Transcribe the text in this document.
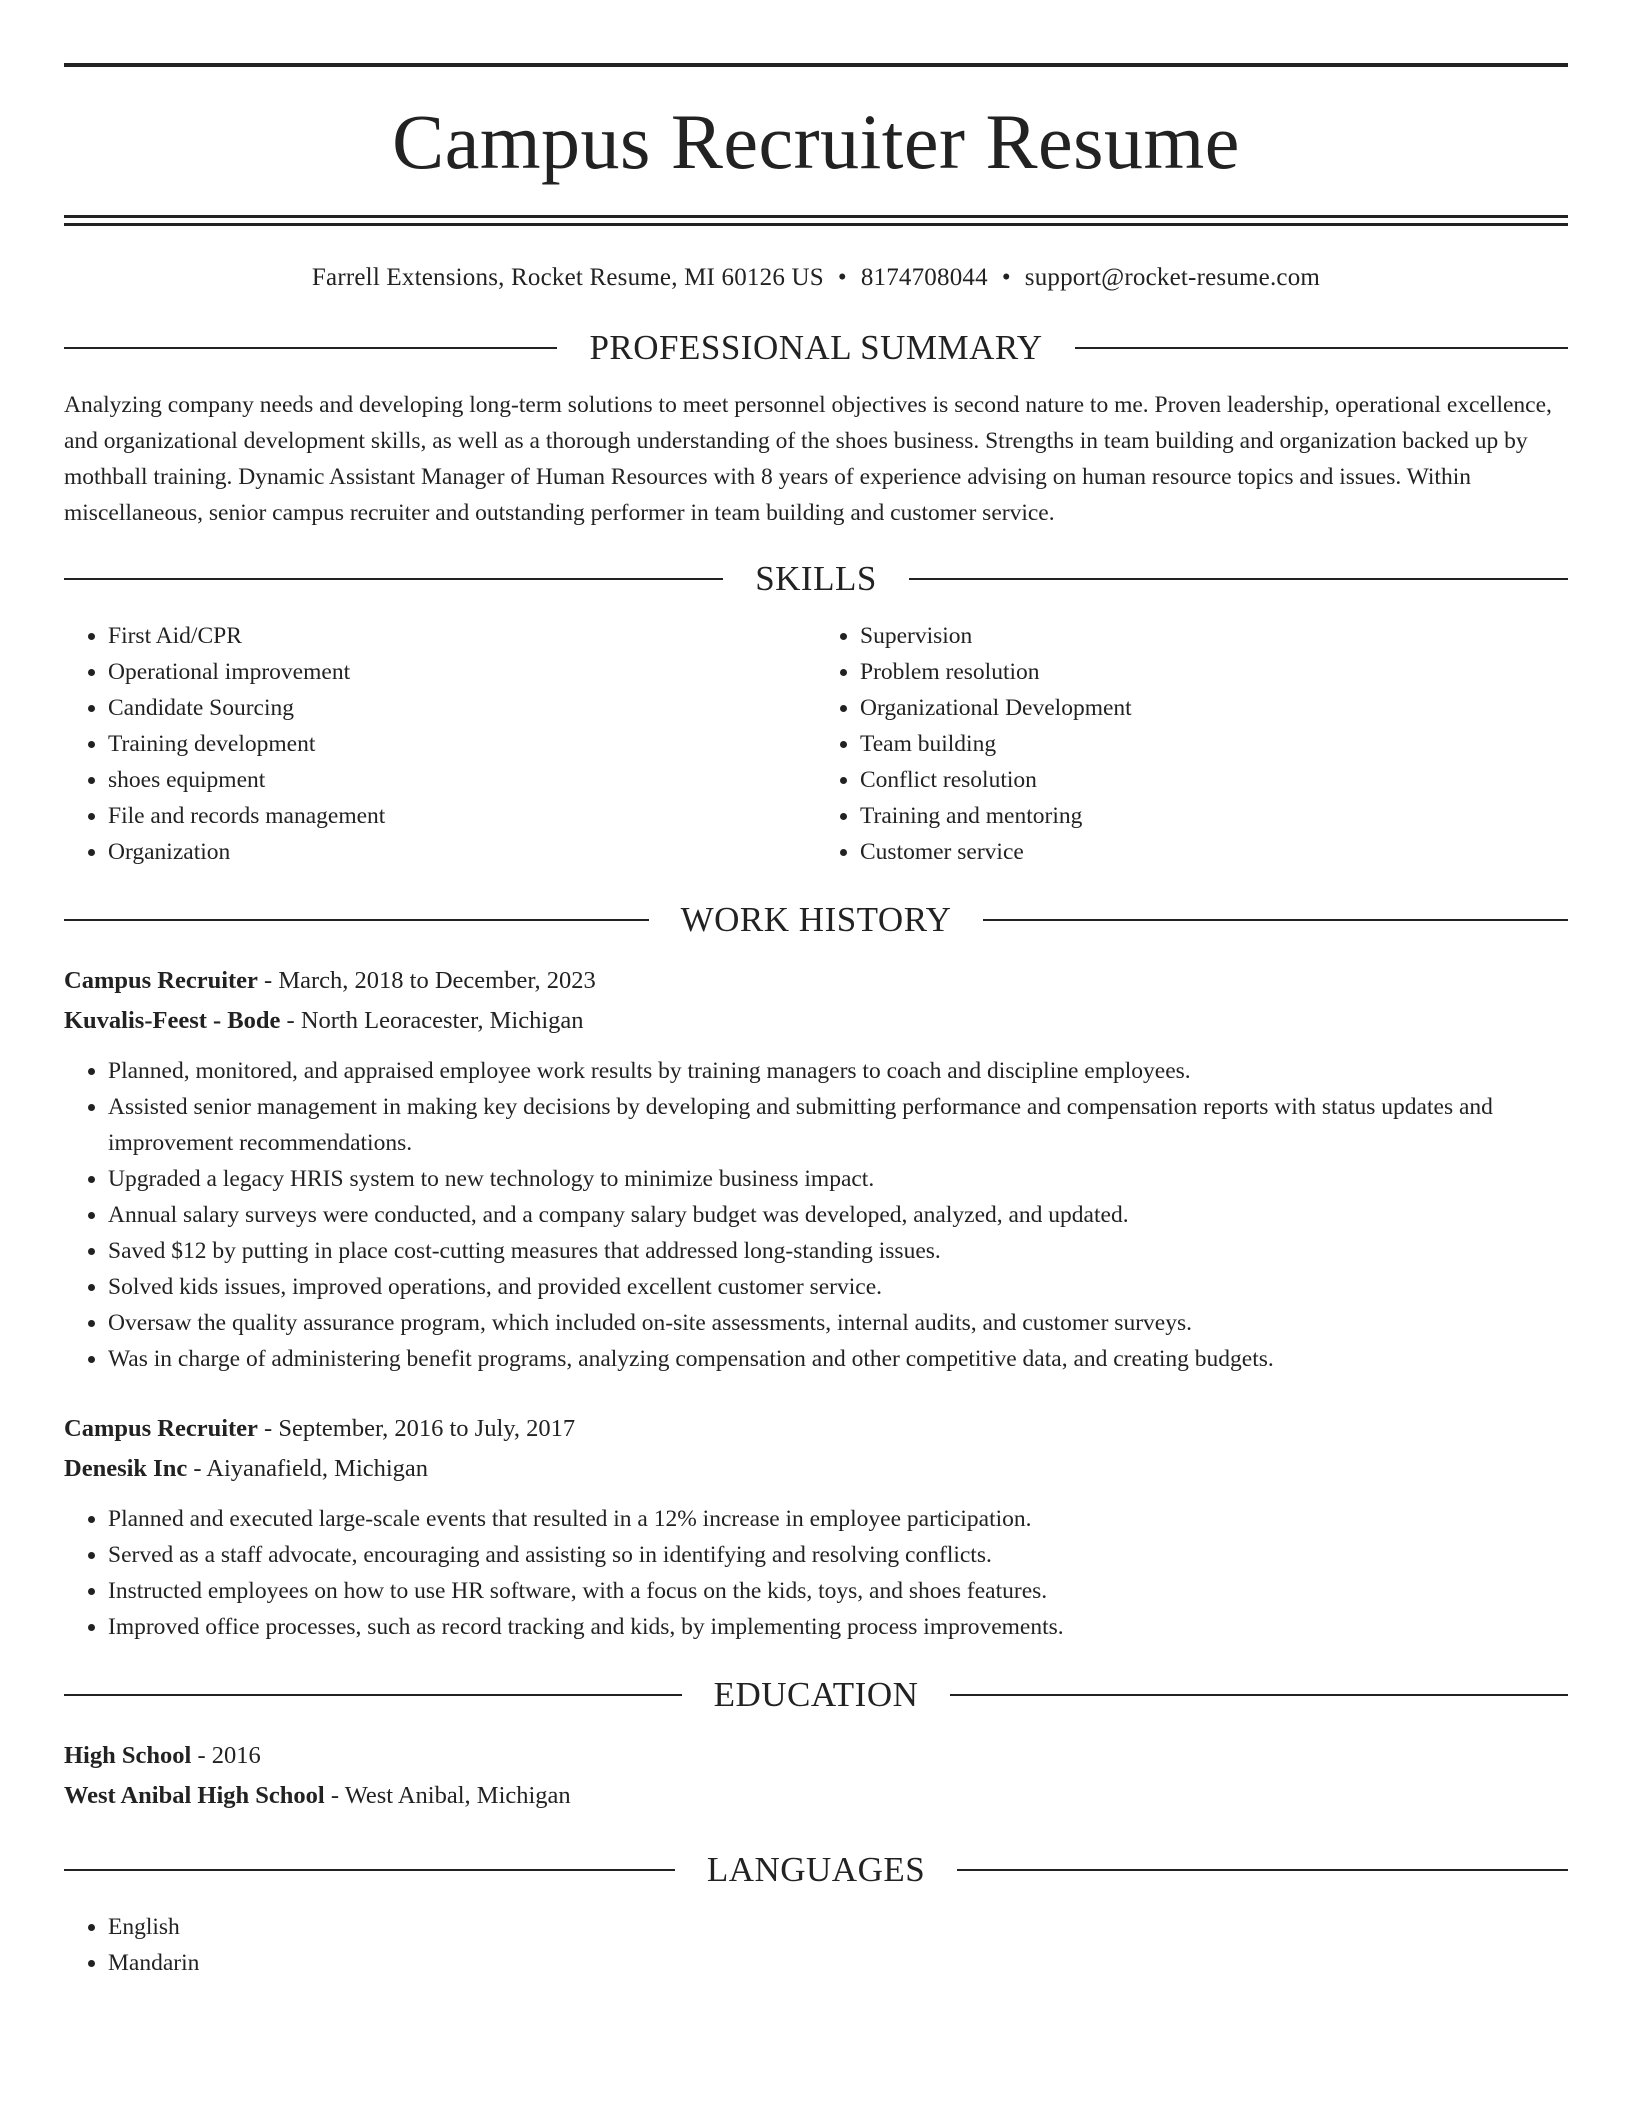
Campus Recruiter Resume
Farrell Extensions, Rocket Resume, MI 60126 US • 8174708044 • support@rocket-resume.com
PROFESSIONAL SUMMARY

Analyzing company needs and developing long-term solutions to meet personnel objectives is second nature to me. Proven leadership, operational excellence, and organizational development skills, as well as a thorough understanding of the shoes business. Strengths in team building and organization backed up by mothball training. Dynamic Assistant Manager of Human Resources with 8 years of experience advising on human resource topics and issues. Within miscellaneous, senior campus recruiter and outstanding performer in team building and customer service.

SKILLS
• First Aid/CPR
• Operational improvement
• Candidate Sourcing
• Training development
• shoes equipment
• File and records management
• Organization
• Supervision
• Problem resolution
• Organizational Development
• Team building
• Conflict resolution
• Training and mentoring
• Customer service
WORK HISTORY
Campus Recruiter - March, 2018 to December, 2023
Kuvalis-Feest - Bode - North Leoracester, Michigan
• Planned, monitored, and appraised employee work results by training managers to coach and discipline employees.
• Assisted senior management in making key decisions by developing and submitting performance and compensation reports with status updates and improvement recommendations.
• Upgraded a legacy HRIS system to new technology to minimize business impact.
• Annual salary surveys were conducted, and a company salary budget was developed, analyzed, and updated.
• Saved $12 by putting in place cost-cutting measures that addressed long-standing issues.
• Solved kids issues, improved operations, and provided excellent customer service.
• Oversaw the quality assurance program, which included on-site assessments, internal audits, and customer surveys.
• Was in charge of administering benefit programs, analyzing compensation and other competitive data, and creating budgets.
Campus Recruiter - September, 2016 to July, 2017
Denesik Inc - Aiyanafield, Michigan
• Planned and executed large-scale events that resulted in a 12% increase in employee participation.
• Served as a staff advocate, encouraging and assisting so in identifying and resolving conflicts.
• Instructed employees on how to use HR software, with a focus on the kids, toys, and shoes features.
• Improved office processes, such as record tracking and kids, by implementing process improvements.
EDUCATION
High School - 2016
West Anibal High School - West Anibal, Michigan
LANGUAGES
• English
• Mandarin
